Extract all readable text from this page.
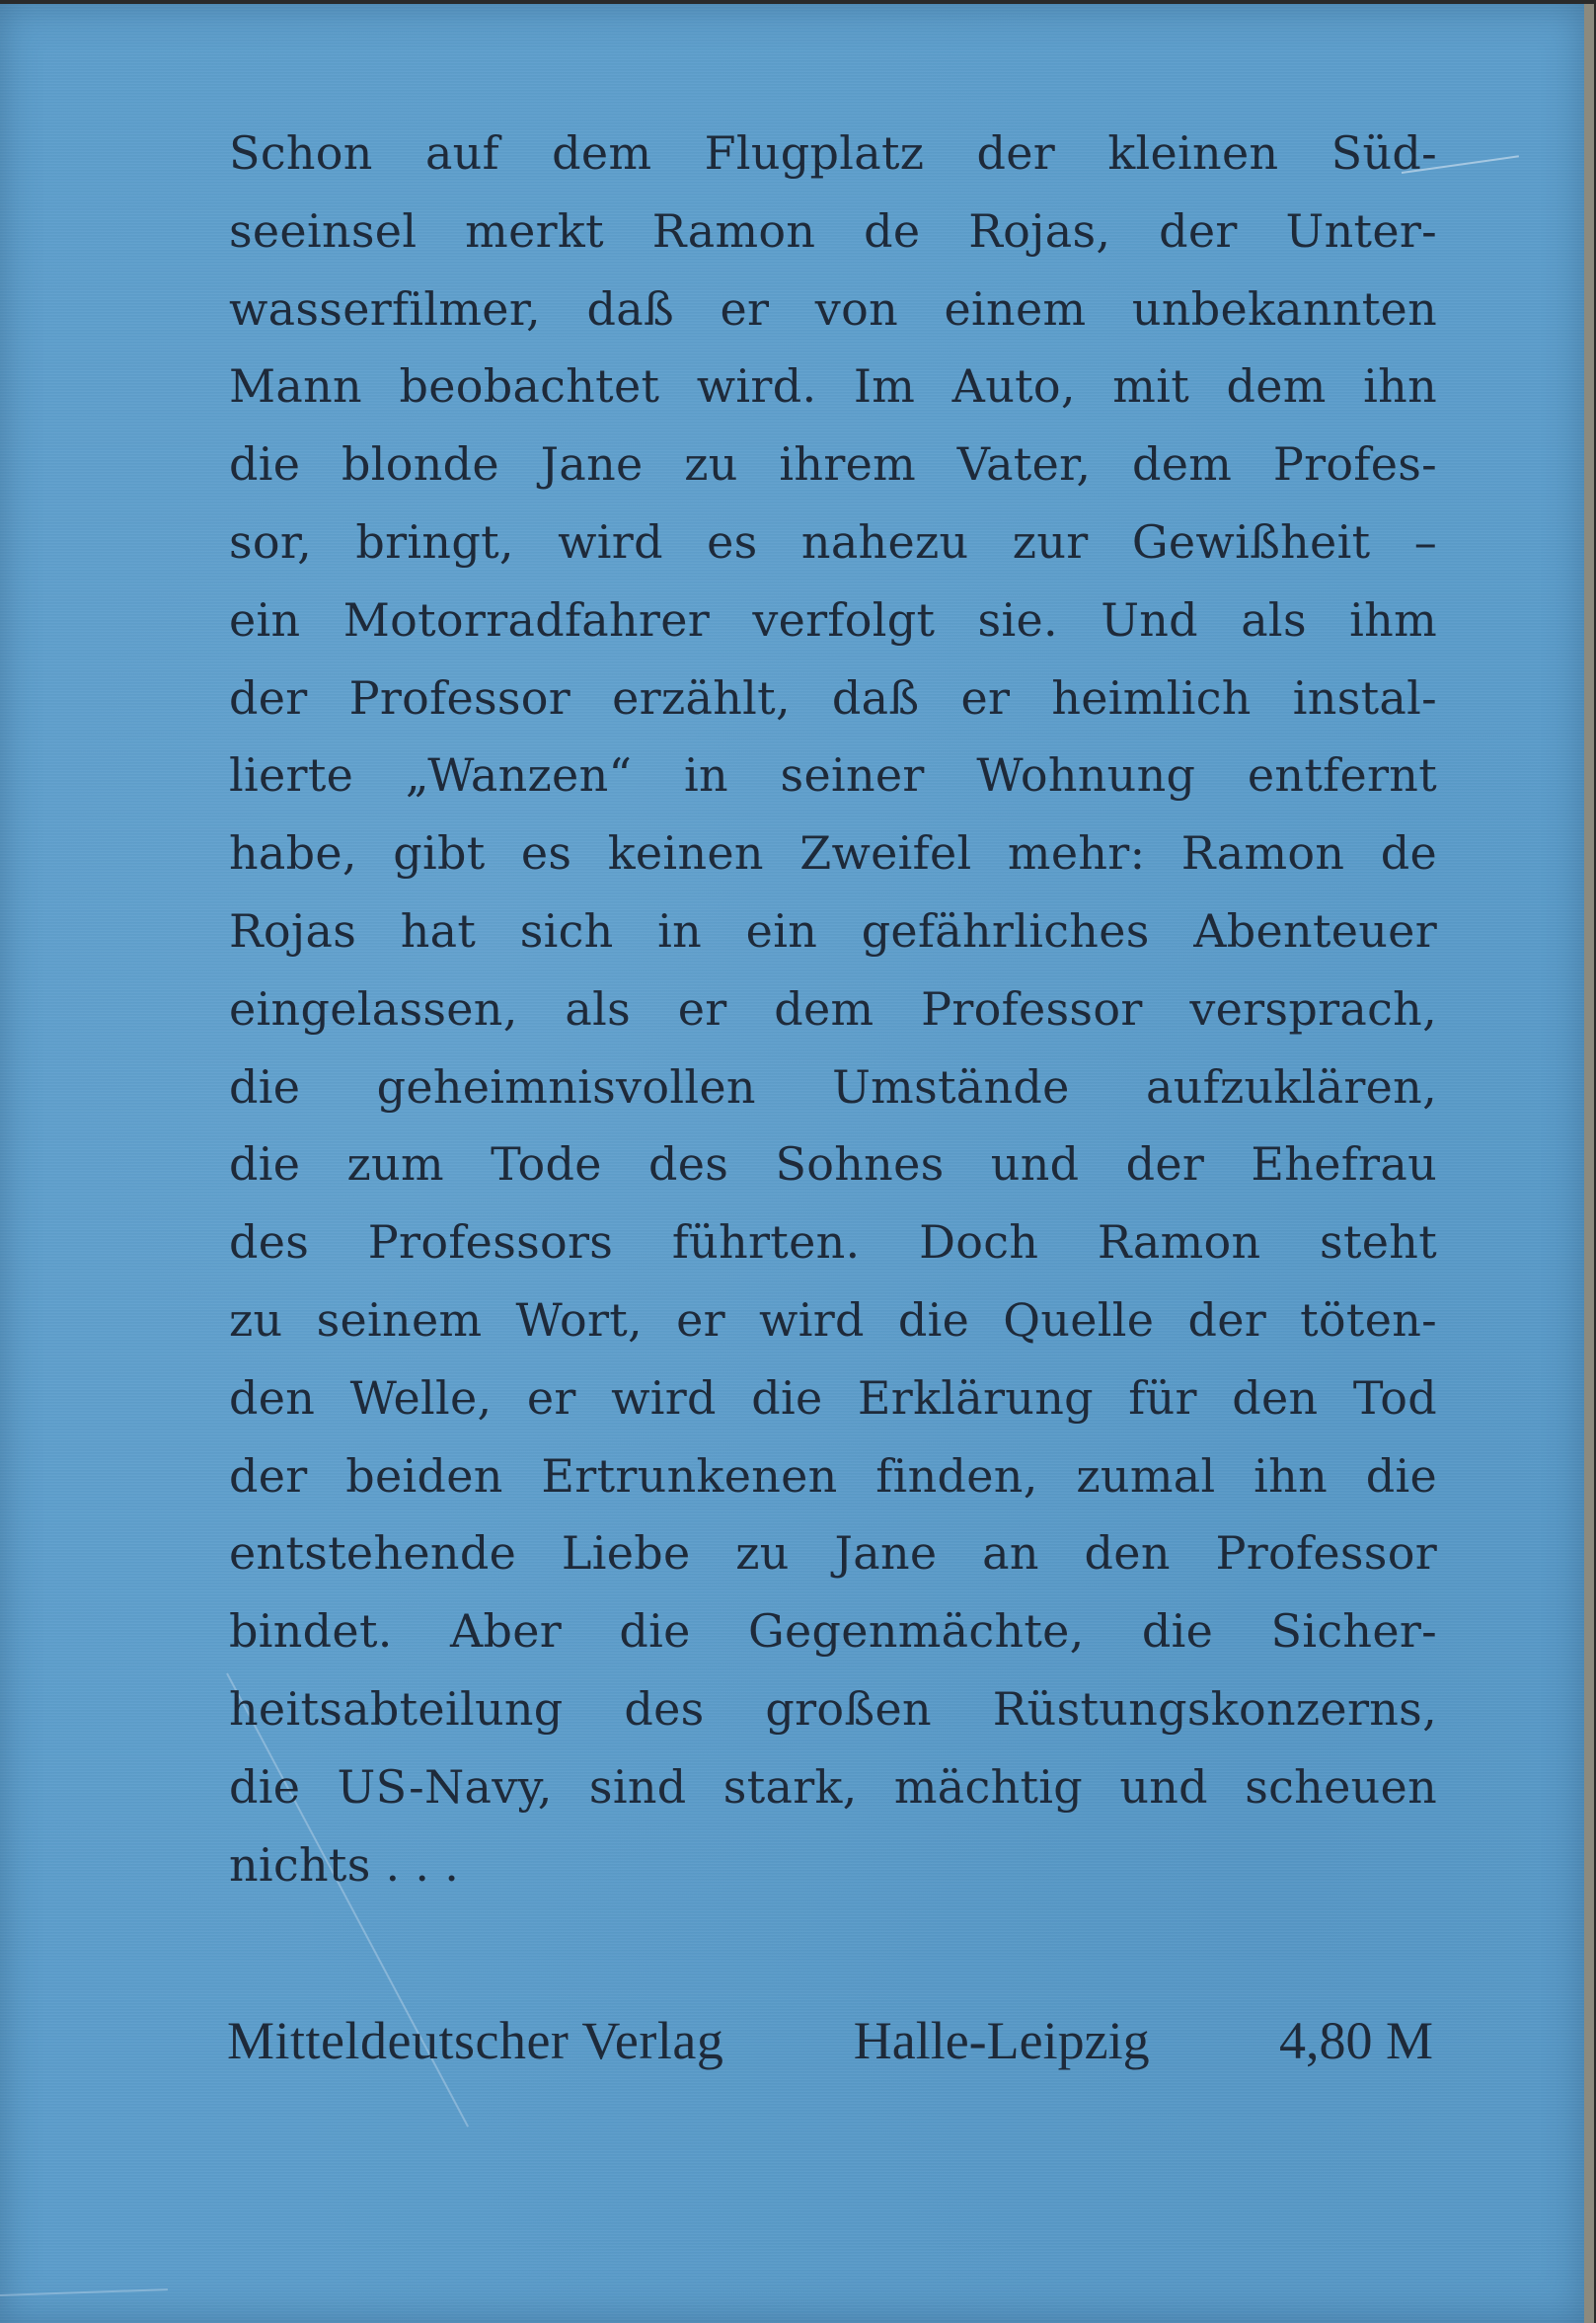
Schon auf dem Flugplatz der kleinen Süd-
seeinsel merkt Ramon de Rojas, der Unter-
wasserfilmer, daß er von einem unbekannten
Mann beobachtet wird. Im Auto, mit dem ihn
die blonde Jane zu ihrem Vater, dem Profes-
sor, bringt, wird es nahezu zur Gewißheit –
ein Motorradfahrer verfolgt sie. Und als ihm
der Professor erzählt, daß er heimlich instal-
lierte „Wanzen“ in seiner Wohnung entfernt
habe, gibt es keinen Zweifel mehr: Ramon de
Rojas hat sich in ein gefährliches Abenteuer
eingelassen, als er dem Professor versprach,
die geheimnisvollen Umstände aufzuklären,
die zum Tode des Sohnes und der Ehefrau
des Professors führten. Doch Ramon steht
zu seinem Wort, er wird die Quelle der töten-
den Welle, er wird die Erklärung für den Tod
der beiden Ertrunkenen finden, zumal ihn die
entstehende Liebe zu Jane an den Professor
bindet. Aber die Gegenmächte, die Sicher-
heitsabteilung des großen Rüstungskonzerns,
die US-Navy, sind stark, mächtig und scheuen
nichts . . .
Mitteldeutscher Verlag Halle-Leipzig 4,80 M
